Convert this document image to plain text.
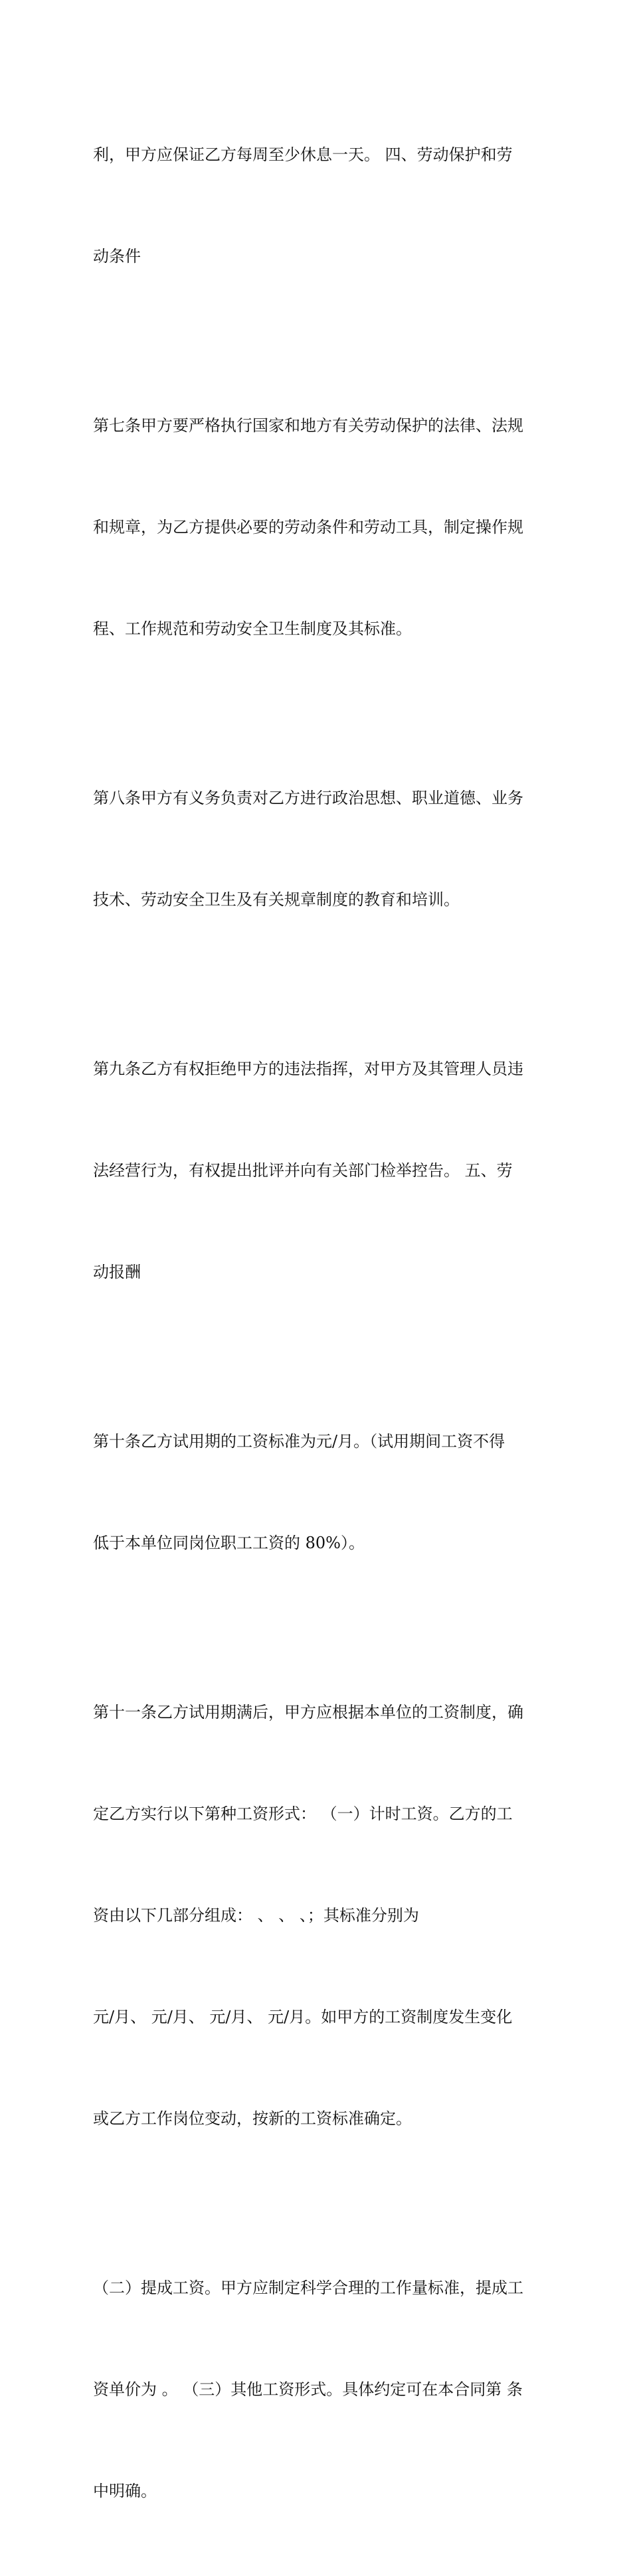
利，甲方应保证乙方每周至少休息一天。 四、劳动保护和劳

动条件

第七条甲方要严格执行国家和地方有关劳动保护的法律、法规

和规章，为乙方提供必要的劳动条件和劳动工具，制定操作规

程、工作规范和劳动安全卫生制度及其标准。

第八条甲方有义务负责对乙方进行政治思想、职业道德、业务

技术、劳动安全卫生及有关规章制度的教育和培训。

第九条乙方有权拒绝甲方的违法指挥，对甲方及其管理人员违

法经营行为，有权提出批评并向有关部门检举控告。 五、劳

动报酬

第十条乙方试用期的工资标准为元/月。（试用期间工资不得

低于本单位同岗位职工工资的 80%）。

第十一条乙方试用期满后，甲方应根据本单位的工资制度，确

定乙方实行以下第种工资形式： （一）计时工资。乙方的工

资由以下几部分组成： 、 、 、；其标准分别为

元/月、 元/月、 元/月、 元/月。如甲方的工资制度发生变化

或乙方工作岗位变动，按新的工资标准确定。

（二）提成工资。甲方应制定科学合理的工作量标准，提成工

资单价为 。 （三）其他工资形式。具体约定可在本合同第 条

中明确。
